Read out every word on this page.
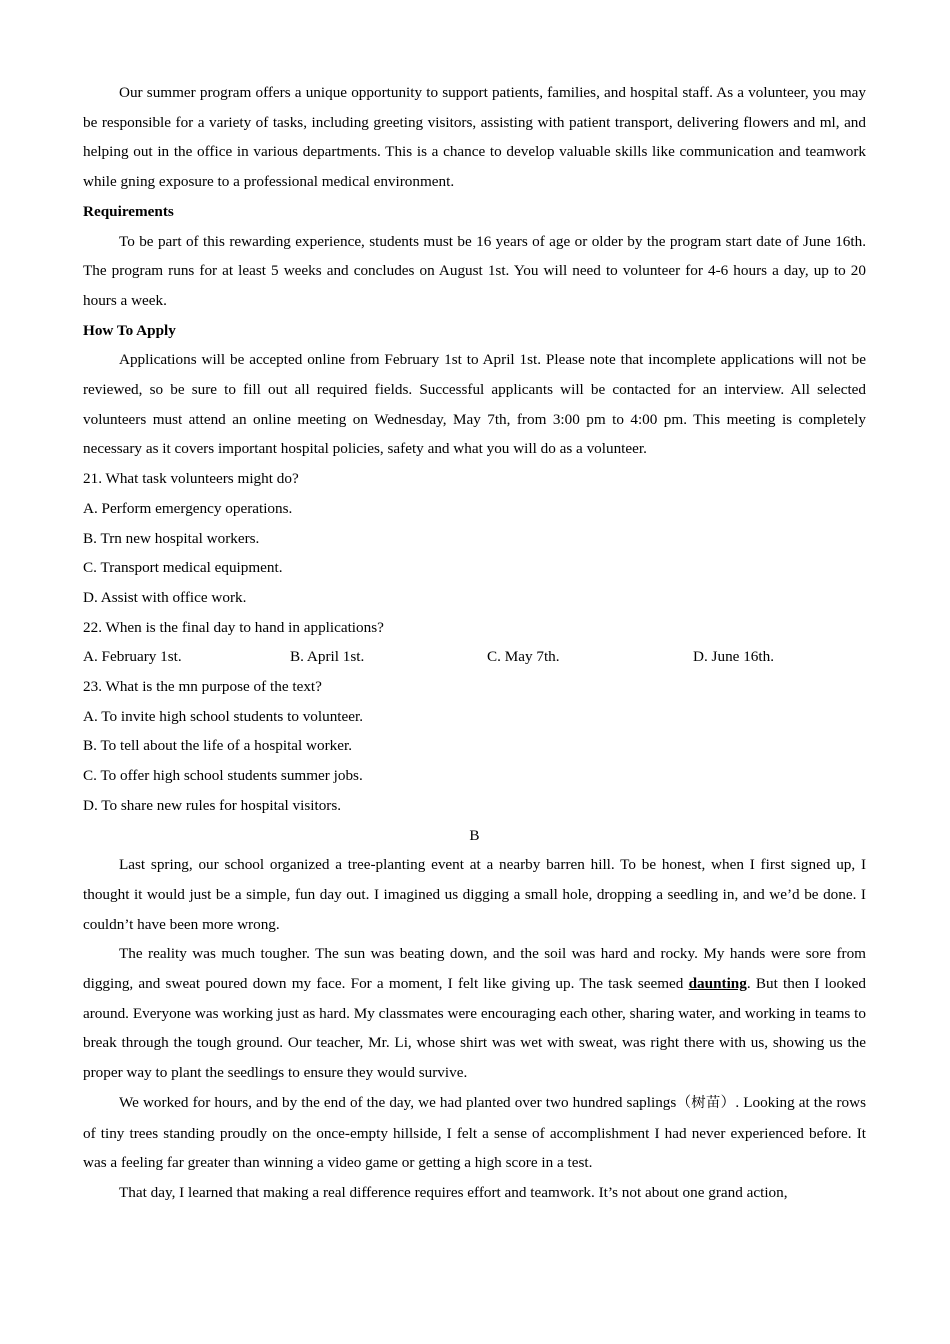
Our summer program offers a unique opportunity to support patients, families, and hospital staff. As a volunteer, you may be responsible for a variety of tasks, including greeting visitors, assisting with patient transport, delivering flowers and ml, and helping out in the office in various departments. This is a chance to develop valuable skills like communication and teamwork while gning exposure to a professional medical environment.

Requirements

To be part of this rewarding experience, students must be 16 years of age or older by the program start date of June 16th. The program runs for at least 5 weeks and concludes on August 1st. You will need to volunteer for 4-6 hours a day, up to 20 hours a week.

How To Apply

Applications will be accepted online from February 1st to April 1st. Please note that incomplete applications will not be reviewed, so be sure to fill out all required fields. Successful applicants will be contacted for an interview. All selected volunteers must attend an online meeting on Wednesday, May 7th, from 3:00 pm to 4:00 pm. This meeting is completely necessary as it covers important hospital policies, safety and what you will do as a volunteer.

21. What task volunteers might do?

A. Perform emergency operations.

B. Trn new hospital workers.

C. Transport medical equipment.

D. Assist with office work.

22. When is the final day to hand in applications?

A. February 1st.	B. April 1st.	C. May 7th.	D. June 16th.

23. What is the mn purpose of the text?

A. To invite high school students to volunteer.

B. To tell about the life of a hospital worker.

C. To offer high school students summer jobs.

D. To share new rules for hospital visitors.

B

Last spring, our school organized a tree-planting event at a nearby barren hill. To be honest, when I first signed up, I thought it would just be a simple, fun day out. I imagined us digging a small hole, dropping a seedling in, and we’d be done. I couldn’t have been more wrong.

The reality was much tougher. The sun was beating down, and the soil was hard and rocky. My hands were sore from digging, and sweat poured down my face. For a moment, I felt like giving up. The task seemed daunting. But then I looked around. Everyone was working just as hard. My classmates were encouraging each other, sharing water, and working in teams to break through the tough ground. Our teacher, Mr. Li, whose shirt was wet with sweat, was right there with us, showing us the proper way to plant the seedlings to ensure they would survive.

We worked for hours, and by the end of the day, we had planted over two hundred saplings（树苗）. Looking at the rows of tiny trees standing proudly on the once-empty hillside, I felt a sense of accomplishment I had never experienced before. It was a feeling far greater than winning a video game or getting a high score in a test.

That day, I learned that making a real difference requires effort and teamwork. It’s not about one grand action,
